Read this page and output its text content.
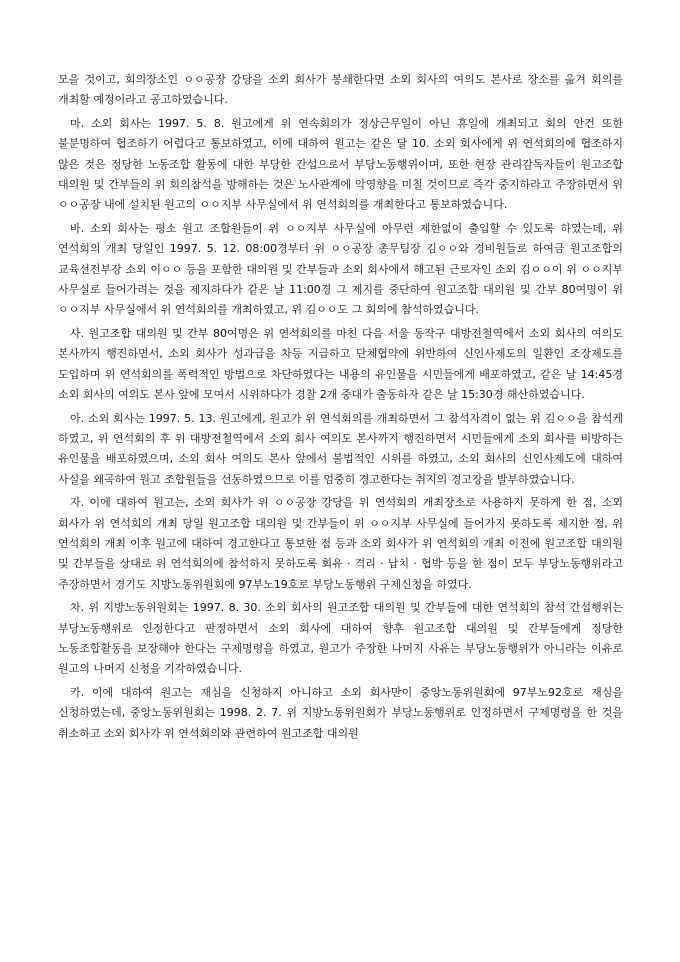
모을 것이고, 회의장소인 ㅇㅇ공장 강당을 소외 회사가 봉쇄한다면 소외 회사의 여의도 본사로 장소를 옮겨 회의를 개최할 예정이라고 공고하였습니다.

마. 소외 회사는 1997. 5. 8. 원고에게 위 연속회의가 정상근무일이 아닌 휴일에 개최되고 회의 안건 또한 불분명하여 협조하기 어렵다고 통보하였고, 이에 대하여 원고는 같은 달 10. 소외 회사에게 위 연석회의에 협조하지 않은 것은 정당한 노동조합 활동에 대한 부당한 간섭으로서 부당노동행위이며, 또한 현장 관리감독자들이 원고조합 대의원 및 간부들의 위 회의참석을 방해하는 것은 노사관계에 악영향을 미칠 것이므로 즉각 중지하라고 주장하면서 위 ㅇㅇ공장 내에 설치된 원고의 ㅇㅇ지부 사무실에서 위 연석회의를 개최한다고 통보하였습니다.

바. 소외 회사는 평소 원고 조합원들이 위 ㅇㅇ지부 사무실에 아무런 제한없이 출입할 수 있도록 하였는데, 위 연석회의 개최 당일인 1997. 5. 12. 08:00경부터 위 ㅇㅇ공장 총무팀장 김ㅇㅇ와 경비원들로 하여금 원고조합의 교육선전부장 소외 이ㅇㅇ 등을 포함한 대의원 및 간부들과 소외 회사에서 해고된 근로자인 소외 김ㅇㅇ이 위 ㅇㅇ지부 사무실로 들어가려는 것을 제지하다가 같은 날 11:00경 그 제지를 중단하여 원고조합 대의원 및 간부 80여명이 위 ㅇㅇ지부 사무실에서 위 연석회의를 개최하였고, 위 김ㅇㅇ도 그 회의에 참석하였습니다.

사. 원고조합 대의원 및 간부 80여명은 위 연석회의를 마친 다음 서울 동작구 대방전철역에서 소외 회사의 여의도 본사까지 행진하면서, 소외 회사가 성과급을 차등 지급하고 단체협약에 위반하여 신인사제도의 일환인 조장제도를 도입하며 위 연석회의를 폭력적인 방법으로 차단하였다는 내용의 유인물을 시민들에게 배포하였고, 같은 날 14:45경 소외 회사의 여의도 본사 앞에 모여서 시위하다가 경찰 2개 중대가 출동하자 같은 날 15:30경 해산하였습니다.

아. 소외 회사는 1997. 5. 13. 원고에게, 원고가 위 연석회의를 개최하면서 그 참석자격이 없는 위 김ㅇㅇ을 참석케 하였고, 위 연석회의 후 위 대방전철역에서 소외 회사 여의도 본사까지 행진하면서 시민들에게 소외 회사를 비방하는 유인물을 배포하였으며, 소외 회사 여의도 본사 앞에서 불법적인 시위를 하였고, 소외 회사의 신인사제도에 대하여 사실을 왜곡하여 원고 조합원들을 선동하였으므로 이를 엄중히 경고한다는 취지의 경고장을 발부하였습니다.

자. 이에 대하여 원고는, 소외 회사가 위 ㅇㅇ공장 강당을 위 연석회의 개최장소로 사용하지 못하게 한 점, 소외 회사가 위 연석회의 개최 당일 원고조합 대의원 및 간부들이 위 ㅇㅇ지부 사무실에 들어가지 못하도록 제지한 점, 위 연석회의 개최 이후 원고에 대하여 경고한다고 통보한 점 등과 소외 회사가 위 연석회의 개최 이전에 원고조합 대의원 및 간부들을 상대로 위 연석회의에 참석하지 못하도록 회유 · 격리 · 납치 · 협박 등을 한 점이 모두 부당노동행위라고 주장하면서 경기도 지방노동위원회에 97부노19호로 부당노동행위 구제신청을 하였다.

차. 위 지방노동위원회는 1997. 8. 30. 소외 회사의 원고조합 대의원 및 간부들에 대한 연석회의 참석 간섭행위는 부당노동행위로 인정한다고 판정하면서 소외 회사에 대하여 향후 원고조합 대의원 및 간부들에게 정당한 노동조합활동을 보장해야 한다는 구제명령을 하였고, 원고가 주장한 나머지 사유는 부당노동행위가 아니라는 이유로 원고의 나머지 신청을 기각하였습니다.

카. 이에 대하여 원고는 재심을 신청하지 아니하고 소외 회사만이 중앙노동위원회에 97부노92호로 재심을 신청하였는데, 중앙노동위원회는 1998. 2. 7. 위 지방노동위원회가 부당노동행위로 인정하면서 구제명령을 한 것을 취소하고 소외 회사가 위 연석회의와 관련하여 원고조합 대의원
